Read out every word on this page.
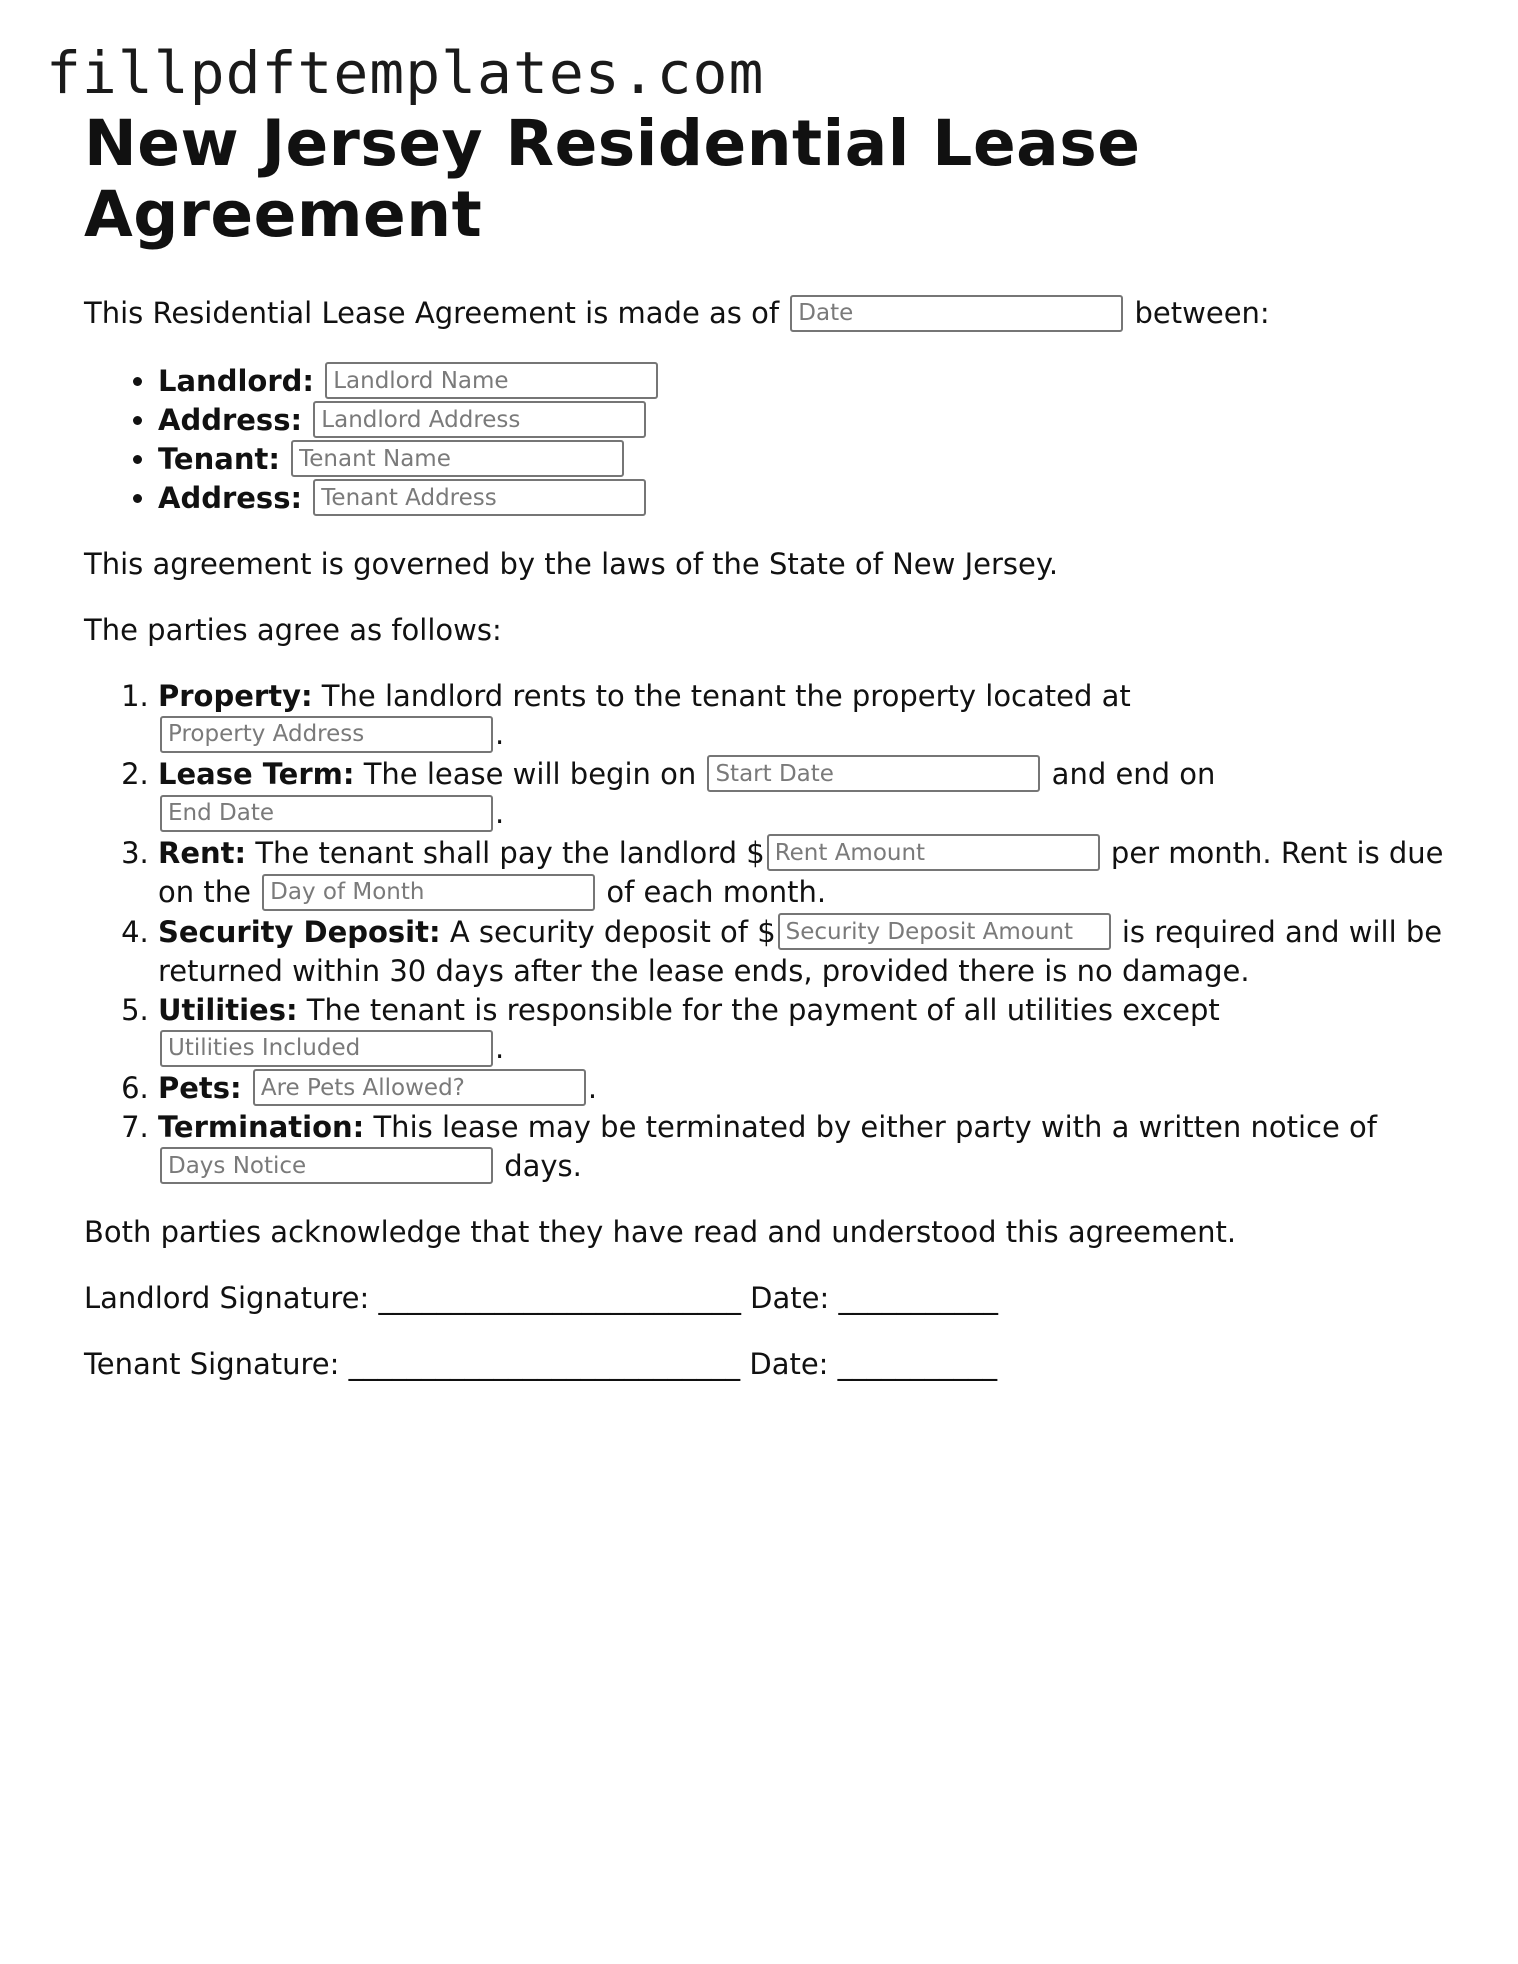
fillpdftemplates.com
New Jersey Residential Lease Agreement

This Residential Lease Agreement is made as of Date	between:

• Landlord: Landlord Name
• Address: Landlord Address
• Tenant: Tenant Name
• Address: Tenant Address

This agreement is governed by the laws of the State of New Jersey.

The parties agree as follows:

1. Property: The landlord rents to the tenant the property located at Property Address.
2. Lease Term: The lease will begin on Start Date	and end on End Date.
3. Rent: The tenant shall pay the landlord $Rent Amount	per month. Rent is due on the Day of Month	of each month.
4. Security Deposit: A security deposit of $Security Deposit Amount	is required and will be returned within 30 days after the lease ends, provided there is no damage.
5. Utilities: The tenant is responsible for the payment of all utilities except Utilities Included.
6. Pets: Are Pets Allowed?	.
7. Termination: This lease may be terminated by either party with a written notice of Days Notice days.

Both parties acknowledge that they have read and understood this agreement.

Landlord Signature: _________________________ Date: ___________

Tenant Signature: ___________________________ Date: ___________
